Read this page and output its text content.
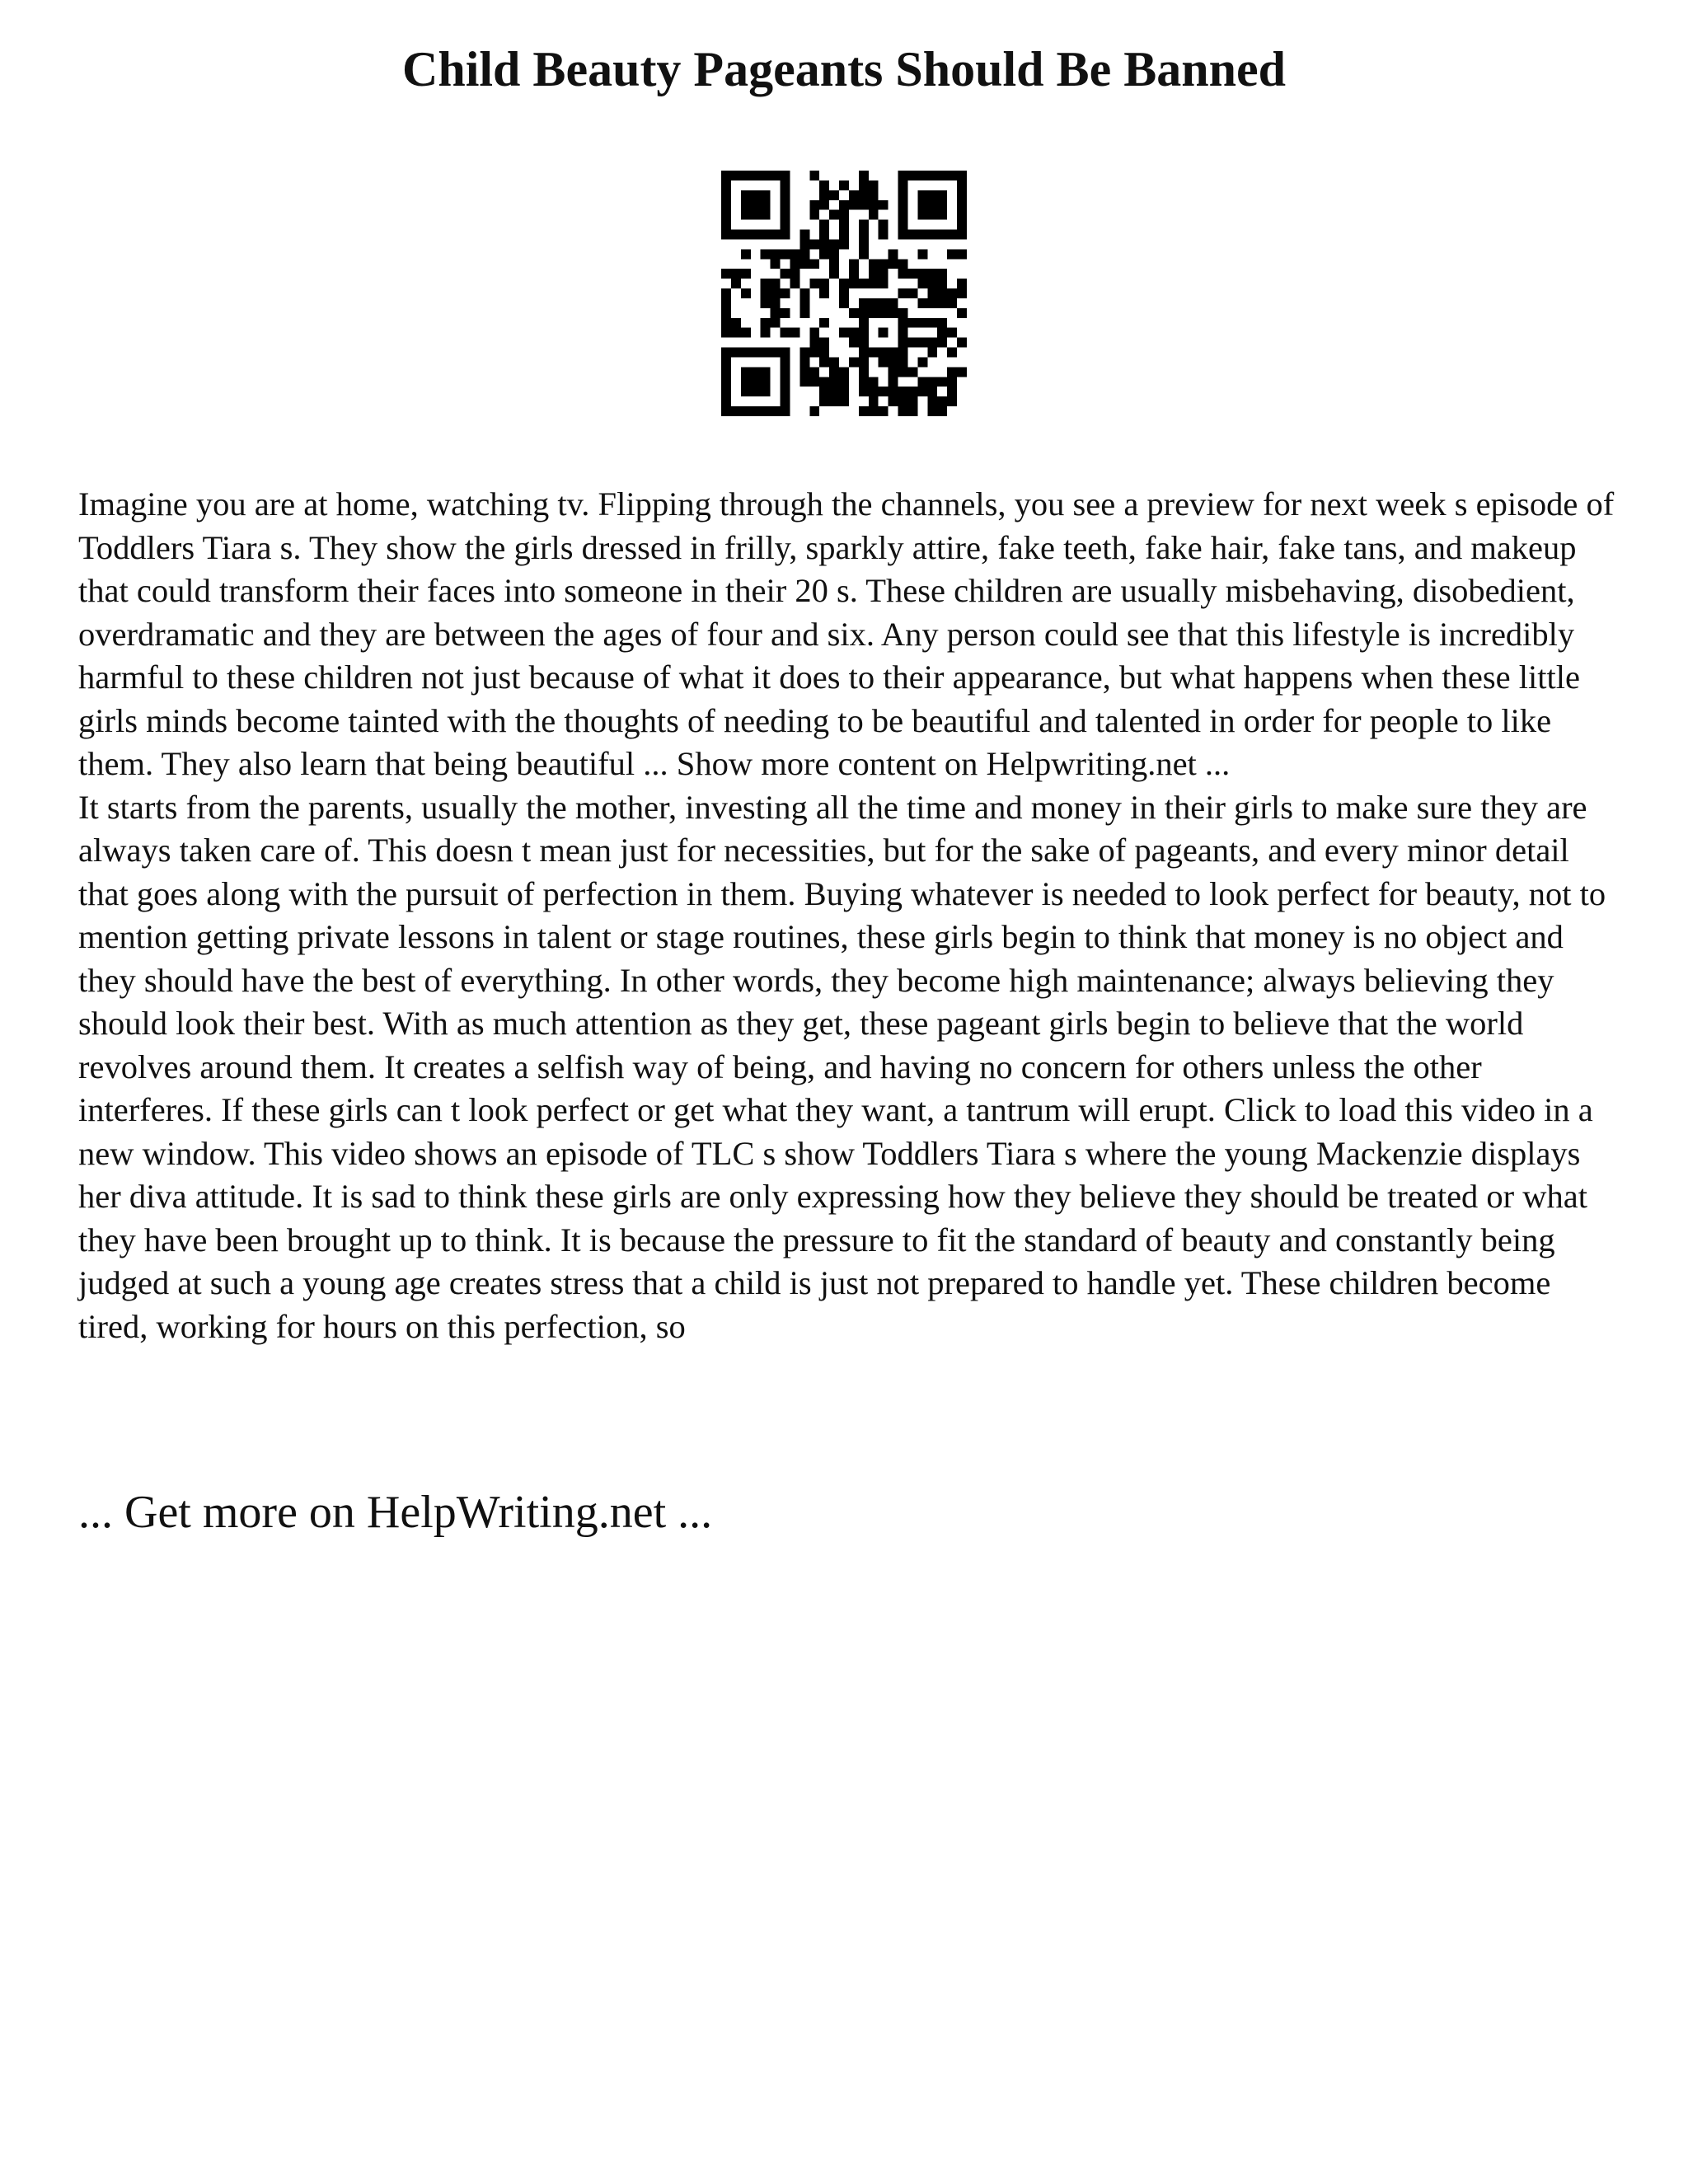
Child Beauty Pageants Should Be Banned

Imagine you are at home, watching tv. Flipping through the channels, you see a preview for next week s episode of Toddlers Tiara s. They show the girls dressed in frilly, sparkly attire, fake teeth, fake hair, fake tans, and makeup that could transform their faces into someone in their 20 s. These children are usually misbehaving, disobedient, overdramatic and they are between the ages of four and six. Any person could see that this lifestyle is incredibly harmful to these children not just because of what it does to their appearance, but what happens when these little girls minds become tainted with the thoughts of needing to be beautiful and talented in order for people to like them. They also learn that being beautiful ... Show more content on Helpwriting.net ...

It starts from the parents, usually the mother, investing all the time and money in their girls to make sure they are always taken care of. This doesn t mean just for necessities, but for the sake of pageants, and every minor detail that goes along with the pursuit of perfection in them. Buying whatever is needed to look perfect for beauty, not to mention getting private lessons in talent or stage routines, these girls begin to think that money is no object and they should have the best of everything. In other words, they become high maintenance; always believing they should look their best. With as much attention as they get, these pageant girls begin to believe that the world revolves around them. It creates a selfish way of being, and having no concern for others unless the other interferes. If these girls can t look perfect or get what they want, a tantrum will erupt. Click to load this video in a new window. This video shows an episode of TLC s show Toddlers Tiara s where the young Mackenzie displays her diva attitude. It is sad to think these girls are only expressing how they believe they should be treated or what they have been brought up to think. It is because the pressure to fit the standard of beauty and constantly being judged at such a young age creates stress that a child is just not prepared to handle yet. These children become tired, working for hours on this perfection, so

... Get more on HelpWriting.net ...
